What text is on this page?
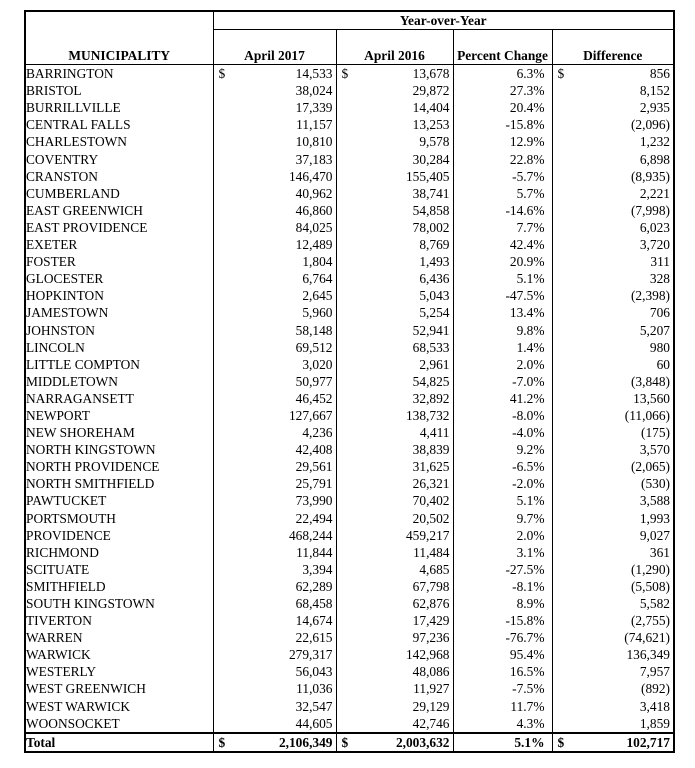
MUNICIPALITY	Year-over-Year			
	April 2017	April 2016	Percent Change	Difference
BARRINGTON	$ 14,533	$ 13,678	6.3%	$ 856

BRISTOL	38,024	29,872	27.3%	8,152

BURRILLVILLE	17,339	14,404	20.4%	2,935

CENTRAL FALLS	11,157	13,253	-15.8%	(2,096)

CHARLESTOWN	10,810	9,578	12.9%	1,232

COVENTRY	37,183	30,284	22.8%	6,898

CRANSTON	146,470	155,405	-5.7%	(8,935)

CUMBERLAND	40,962	38,741	5.7%	2,221

EAST GREENWICH	46,860	54,858	-14.6%	(7,998)

EAST PROVIDENCE	84,025	78,002	7.7%	6,023

EXETER	12,489	8,769	42.4%	3,720

FOSTER	1,804	1,493	20.9%	311

GLOCESTER	6,764	6,436	5.1%	328

HOPKINTON	2,645	5,043	-47.5%	(2,398)

JAMESTOWN	5,960	5,254	13.4%	706

JOHNSTON	58,148	52,941	9.8%	5,207

LINCOLN	69,512	68,533	1.4%	980

LITTLE COMPTON	3,020	2,961	2.0%	60

MIDDLETOWN	50,977	54,825	-7.0%	(3,848)

NARRAGANSETT	46,452	32,892	41.2%	13,560

NEWPORT	127,667	138,732	-8.0%	(11,066)

NEW SHOREHAM	4,236	4,411	-4.0%	(175)

NORTH KINGSTOWN	42,408	38,839	9.2%	3,570

NORTH PROVIDENCE	29,561	31,625	-6.5%	(2,065)

NORTH SMITHFIELD	25,791	26,321	-2.0%	(530)

PAWTUCKET	73,990	70,402	5.1%	3,588

PORTSMOUTH	22,494	20,502	9.7%	1,993

PROVIDENCE	468,244	459,217	2.0%	9,027

RICHMOND	11,844	11,484	3.1%	361

SCITUATE	3,394	4,685	-27.5%	(1,290)

SMITHFIELD	62,289	67,798	-8.1%	(5,508)

SOUTH KINGSTOWN	68,458	62,876	8.9%	5,582

TIVERTON	14,674	17,429	-15.8%	(2,755)

WARREN	22,615	97,236	-76.7%	(74,621)

WARWICK	279,317	142,968	95.4%	136,349

WESTERLY	56,043	48,086	16.5%	7,957

WEST GREENWICH	11,036	11,927	-7.5%	(892)

WEST WARWICK	32,547	29,129	11.7%	3,418

WOONSOCKET	44,605	42,746	4.3%	1,859

Total	$ 2,106,349	$ 2,003,632	5.1%	$ 102,717
